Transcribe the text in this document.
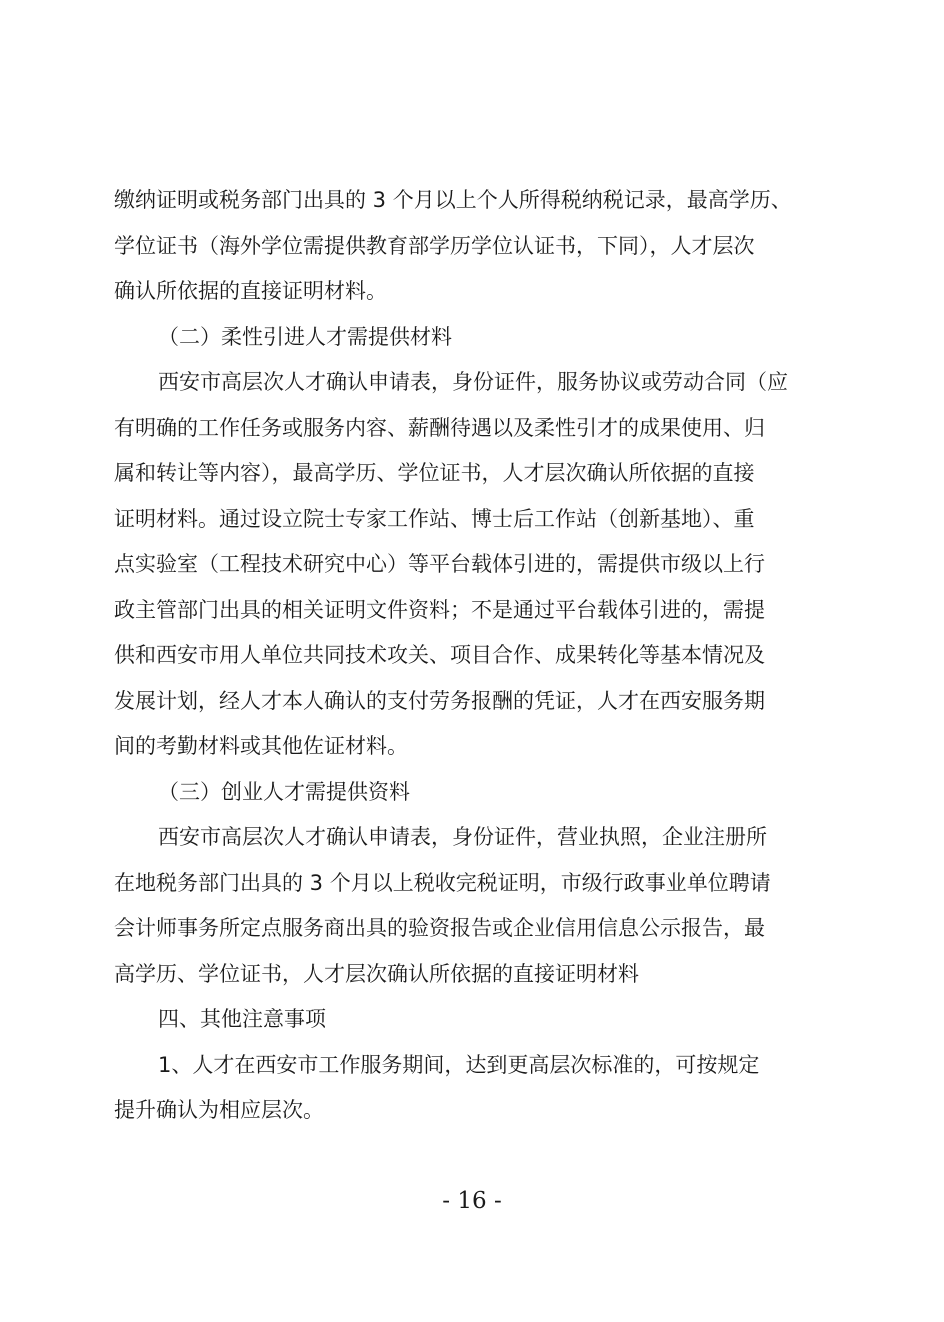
缴纳证明或税务部门出具的 3 个月以上个人所得税纳税记录，最高学历、
学位证书（海外学位需提供教育部学历学位认证书，下同），人才层次
确认所依据的直接证明材料。
（二）柔性引进人才需提供材料
西安市高层次人才确认申请表，身份证件，服务协议或劳动合同（应
有明确的工作任务或服务内容、薪酬待遇以及柔性引才的成果使用、归
属和转让等内容），最高学历、学位证书，人才层次确认所依据的直接
证明材料。通过设立院士专家工作站、博士后工作站（创新基地）、重
点实验室（工程技术研究中心）等平台载体引进的，需提供市级以上行
政主管部门出具的相关证明文件资料；不是通过平台载体引进的，需提
供和西安市用人单位共同技术攻关、项目合作、成果转化等基本情况及
发展计划，经人才本人确认的支付劳务报酬的凭证，人才在西安服务期
间的考勤材料或其他佐证材料。
（三）创业人才需提供资料
西安市高层次人才确认申请表，身份证件，营业执照，企业注册所
在地税务部门出具的 3 个月以上税收完税证明，市级行政事业单位聘请
会计师事务所定点服务商出具的验资报告或企业信用信息公示报告，最
高学历、学位证书，人才层次确认所依据的直接证明材料
四、其他注意事项
1、人才在西安市工作服务期间，达到更高层次标准的，可按规定
提升确认为相应层次。
- 16 -
